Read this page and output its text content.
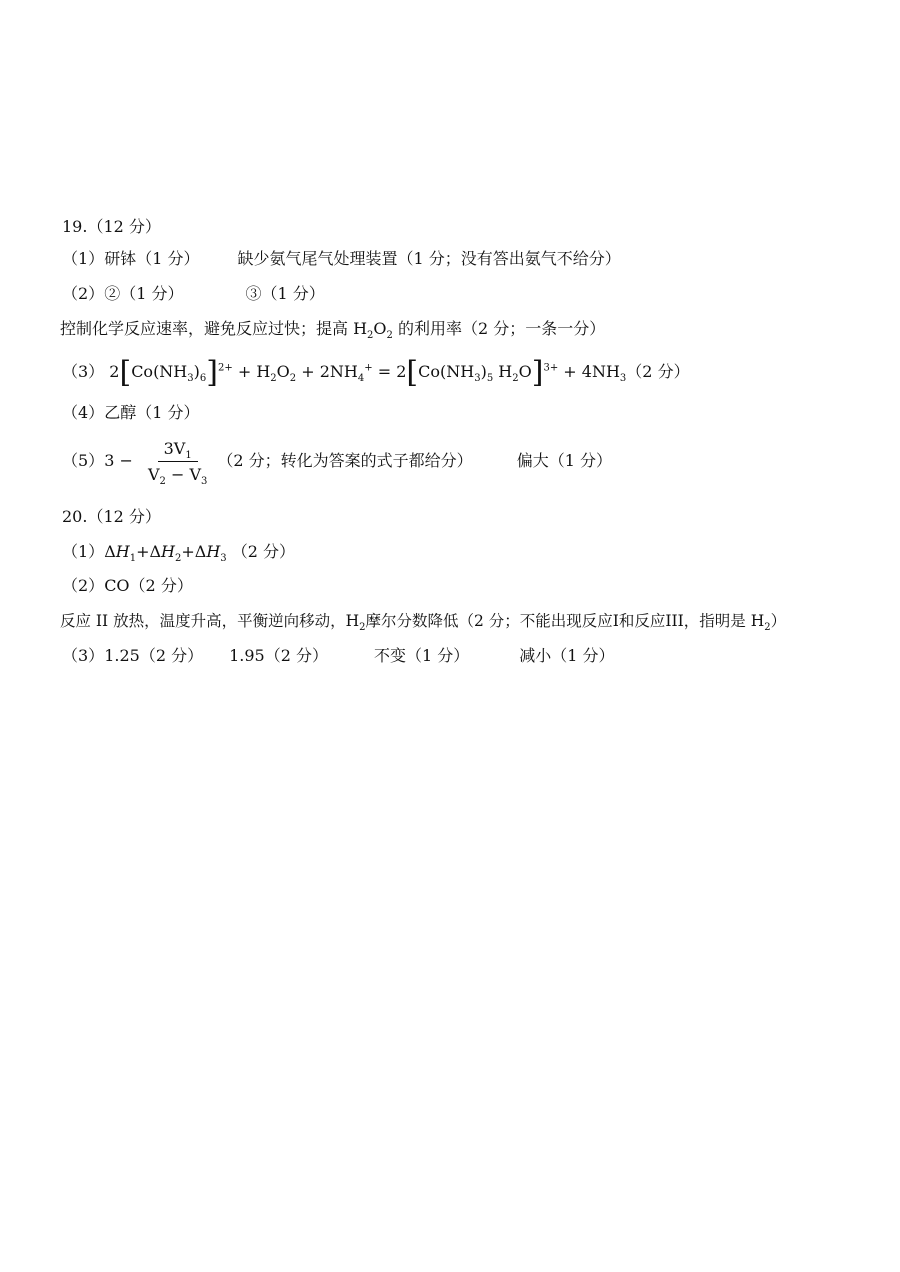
19.（12 分）
（1）研钵（1 分） 缺少氨气尾气处理装置（1 分；没有答出氨气不给分）
（2）②（1 分）	③（1 分）
控制化学反应速率，避免反应过快；提高 $H_2O_2$ 的利用率（2 分；一条一分）
（3） $2[Co(NH_3)_6]^{2+} + H_2O_2 + 2NH_4^+ = 2[Co(NH_3)_5$ $H_2O]^{3+} + 4NH_3(2$ 分）
（4）乙醇（1 分）
$(5)3 - \frac{3V_1}{V_2 - V_3} (2$ 分；转化为答案的式子都给分）	偏大（1 分）
20.（12 分）
$(1)\Delta H_1+\Delta H_2+\Delta H_3$ （2 分）
（2）CO（2 分）
反应 II 放热，温度升高，平衡逆向移动，$H_2$摩尔分数降低（2 分；不能出现反应I和反应III，指明是 $H_2$）
（3）1.25（2 分） 1.95（2 分）	不变（1 分）	减小（1 分）
